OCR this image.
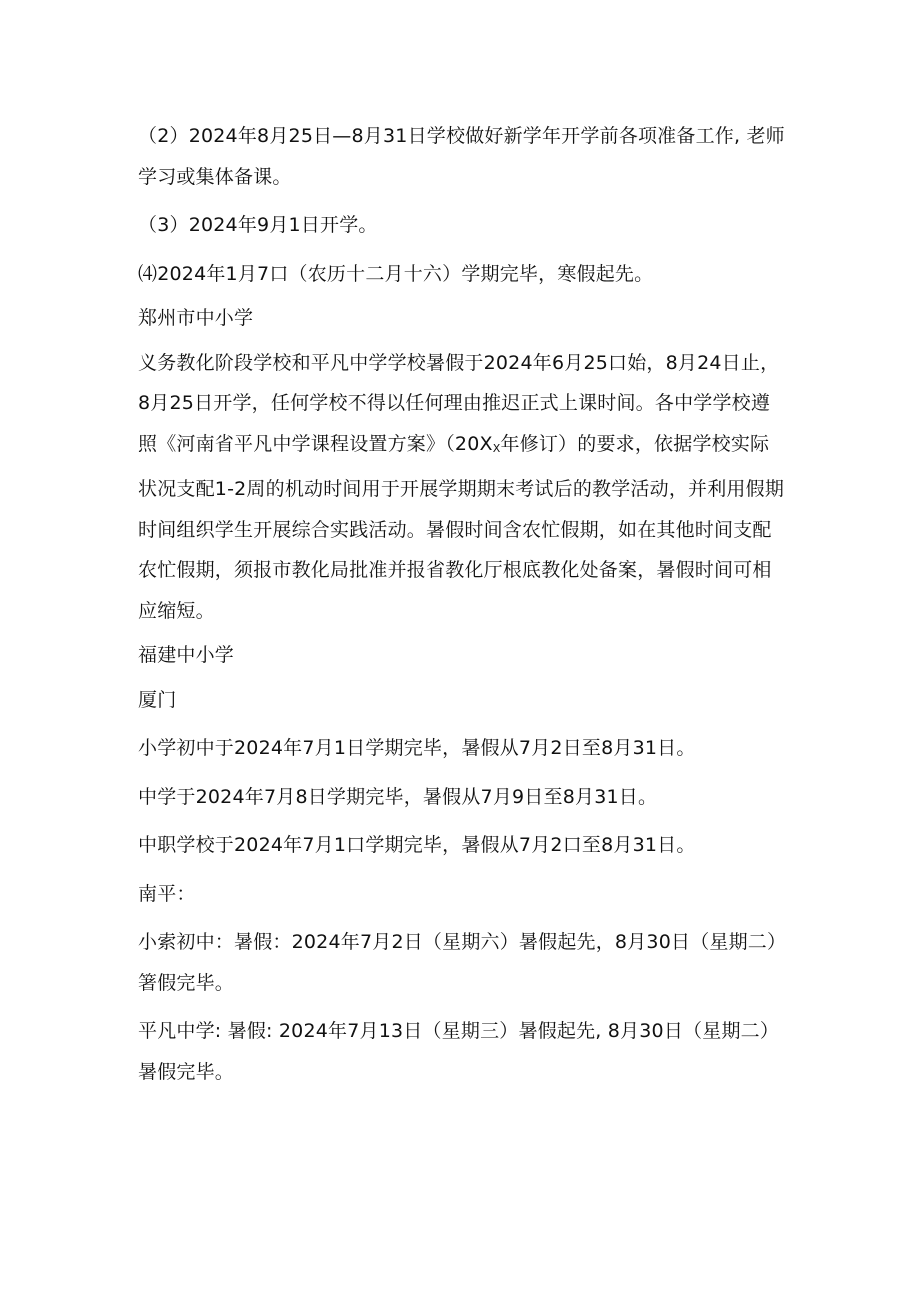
（2）2024年8月25日—8月31日学校做好新学年开学前各项准备工作, 老师学习或集体备课。

（3）2024年9月1日开学。

⑷2024年1月7口（农历十二月十六）学期完毕，寒假起先。

郑州市中小学

义务教化阶段学校和平凡中学学校暑假于2024年6月25口始，8月24日止，8月25日开学，任何学校不得以任何理由推迟正式上课时间。各中学学校遵照《河南省平凡中学课程设置方案》（$20X_X$年修订）的要求，依据学校实际状况支配1-2周的机动时间用于开展学期期末考试后的教学活动，并利用假期时间组织学生开展综合实践活动。暑假时间含农忙假期，如在其他时间支配农忙假期，须报市教化局批准并报省教化厅根底教化处备案，暑假时间可相应缩短。

福建中小学

厦门

小学初中于2024年7月1日学期完毕，暑假从7月2日至8月31日。

中学于2024年7月8日学期完毕，暑假从7月9日至8月31日。

中职学校于2024年7月1口学期完毕，暑假从7月2口至8月31日。

南平：

小索初中：暑假：2024年7月2日（星期六）暑假起先，8月30日（星期二）箸假完毕。

平凡中学: 暑假: 2024年7月13日（星期三）暑假起先, 8月30日（星期二）暑假完毕。
